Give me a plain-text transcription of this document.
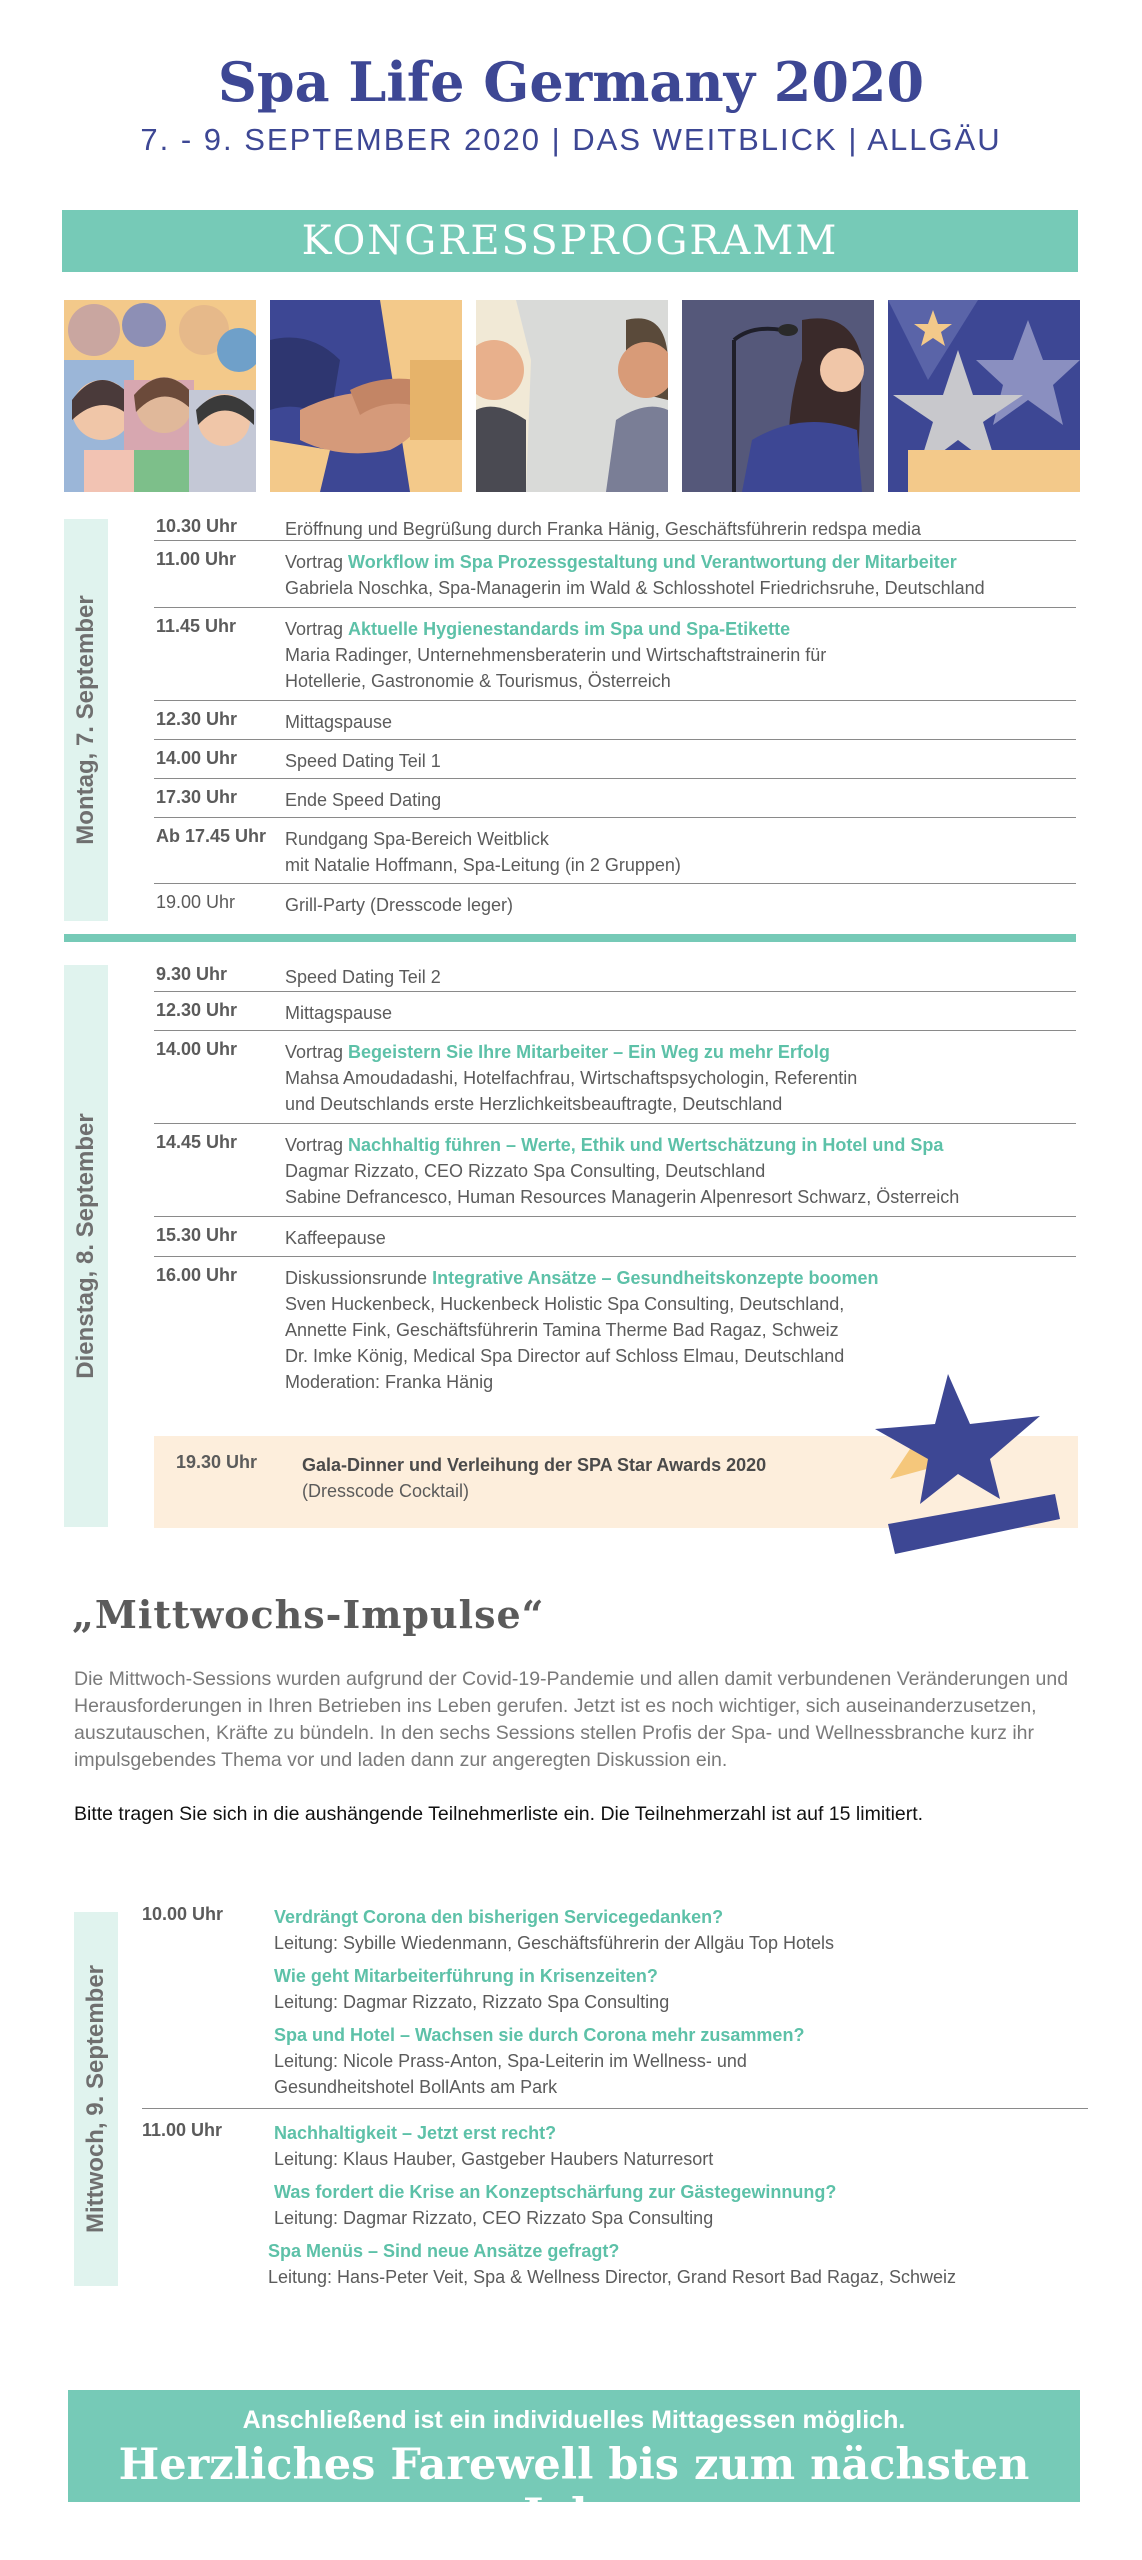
Spa Life Germany 2020
7. - 9. SEPTEMBER 2020 | DAS WEITBLICK | ALLGÄU
KONGRESSPROGRAMM
Montag, 7. September
10.30 Uhr	Eröffnung und Begrüßung durch Franka Hänig, Geschäftsführerin redspa media
11.00 Uhr	Vortrag Workflow im Spa Prozessgestaltung und Verantwortung der Mitarbeiter
Gabriela Noschka, Spa-Managerin im Wald & Schlosshotel Friedrichsruhe, Deutschland
11.45 Uhr	Vortrag Aktuelle Hygienestandards im Spa und Spa-Etikette
Maria Radinger, Unternehmensberaterin und Wirtschaftstrainerin für
Hotellerie, Gastronomie & Tourismus, Österreich
12.30 Uhr	Mittagspause
14.00 Uhr	Speed Dating Teil 1
17.30 Uhr	Ende Speed Dating
Ab 17.45 Uhr Rundgang Spa-Bereich Weitblick
mit Natalie Hoffmann, Spa-Leitung (in 2 Gruppen)
19.00 Uhr	Grill-Party (Dresscode leger)
Dienstag, 8. September
9.30 Uhr	Speed Dating Teil 2
12.30 Uhr	Mittagspause
14.00 Uhr	Vortrag Begeistern Sie Ihre Mitarbeiter – Ein Weg zu mehr Erfolg
Mahsa Amoudadashi, Hotelfachfrau, Wirtschaftspsychologin, Referentin
und Deutschlands erste Herzlichkeitsbeauftragte, Deutschland
14.45 Uhr	Vortrag Nachhaltig führen – Werte, Ethik und Wertschätzung in Hotel und Spa
Dagmar Rizzato, CEO Rizzato Spa Consulting, Deutschland
Sabine Defrancesco, Human Resources Managerin Alpenresort Schwarz, Österreich
15.30 Uhr	Kaffeepause
16.00 Uhr	Diskussionsrunde Integrative Ansätze – Gesundheitskonzepte boomen
Sven Huckenbeck, Huckenbeck Holistic Spa Consulting, Deutschland,
Annette Fink, Geschäftsführerin Tamina Therme Bad Ragaz, Schweiz
Dr. Imke König, Medical Spa Director auf Schloss Elmau, Deutschland
Moderation: Franka Hänig
19.30 Uhr Gala-Dinner und Verleihung der SPA Star Awards 2020
(Dresscode Cocktail)
„Mittwochs-Impulse“
Die Mittwoch-Sessions wurden aufgrund der Covid-19-Pandemie und allen damit verbundenen Veränderungen und Herausforderungen in Ihren Betrieben ins Leben gerufen. Jetzt ist es noch wichtiger, sich auseinanderzusetzen, auszutauschen, Kräfte zu bündeln. In den sechs Sessions stellen Profis der Spa- und Wellnessbranche kurz ihr impulsgebendes Thema vor und laden dann zur angeregten Diskussion ein.
Bitte tragen Sie sich in die aushängende Teilnehmerliste ein. Die Teilnehmerzahl ist auf 15 limitiert.
Mittwoch, 9. September
10.00 Uhr	Verdrängt Corona den bisherigen Servicegedanken?
Leitung: Sybille Wiedenmann, Geschäftsführerin der Allgäu Top Hotels
Wie geht Mitarbeiterführung in Krisenzeiten?
Leitung: Dagmar Rizzato, Rizzato Spa Consulting
Spa und Hotel – Wachsen sie durch Corona mehr zusammen?
Leitung: Nicole Prass-Anton, Spa-Leiterin im Wellness- und
Gesundheitshotel BollAnts am Park
11.00 Uhr	Nachhaltigkeit – Jetzt erst recht?
Leitung: Klaus Hauber, Gastgeber Haubers Naturresort
Was fordert die Krise an Konzeptschärfung zur Gästegewinnung?
Leitung: Dagmar Rizzato, CEO Rizzato Spa Consulting
Spa Menüs – Sind neue Ansätze gefragt?
Leitung: Hans-Peter Veit, Spa & Wellness Director, Grand Resort Bad Ragaz, Schweiz
Anschließend ist ein individuelles Mittagessen möglich.
Herzliches Farewell bis zum nächsten Jahr
